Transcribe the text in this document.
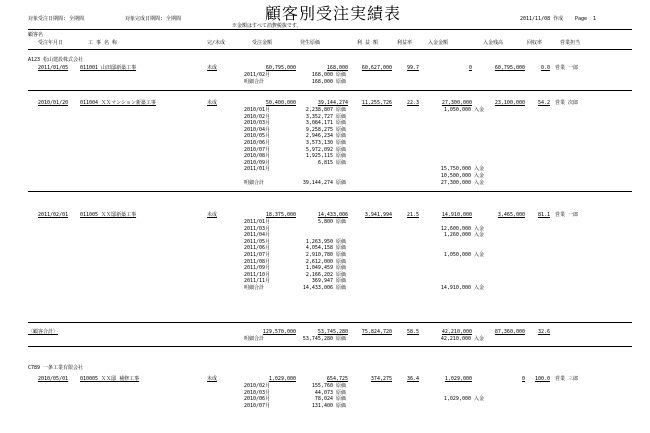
対象受注日期間: 全期間	対象完成日期間: 全期間	顧客別受注実績表
※金額はすべて消費税抜です。
2011/11/08 作成 Page  1
顧客名
受注年月日	工 事 名 称	完/未成	受注金額	発生原価	利 益 額	利益率	入金金額	入金残高	回収率	営業担当
A123 松山建設株式会社
2011/01/05 011001 山田邸新築工事	未成	60,795,000	168,000	60,627,000	99.7	0	60,795,000	0.0 営業 一郎
2011/02月	168,000 原価
明細合計	168,000 原価
2010/01/20 011004 ＸＸマンション新築工事	未成	50,400,000	39,144,274	11,255,726	22.3	27,300,000	23,100,000	54.2 営業 次郎
2010/01月	2,238,807 原価	1,050,000 入金
2010/02月	3,352,727 原価
2010/03月	3,084,171 原価
2010/04月	9,258,275 原価
2010/05月	2,946,234 原価
2010/06月	3,573,130 原価
2010/07月	5,972,092 原価
2010/08月	1,925,115 原価
2010/09月	6,815 原価
2011/01月	15,750,000 入金
10,500,000 入金
明細合計	39,144,274 原価	27,300,000 入金
2011/02/01 011005 ＸＸ邸新築工事	未成	18,375,000	14,433,006	3,941,994	21.5	14,910,000	3,465,000	81.1 営業 一郎
2011/01月	5,800 原価
2011/03月	12,600,000 入金
2011/04月	1,260,000 入金
2011/05月	1,263,950 原価
2011/06月	4,054,158 原価
2011/07月	2,910,780 原価	1,050,000 入金
2011/08月	2,612,000 原価
2011/09月	1,049,459 原価
2011/10月	2,166,202 原価
2011/11月	369,947 原価
明細合計	14,433,006 原価	14,910,000 入金
2010/05/01 010005 ＸＸ邸 補修工事	未成	1,029,000	654,725	374,275	36.4	1,029,000	0	100.0 営業 三郎
2010/02月	155,760 原価
2010/03月	44,073 原価
2010/06月	78,024 原価	1,029,000 入金
2010/07月	131,400 原価
〈顧客合計〉	129,570,000	53,745,280	75,824,720	58.5	42,210,000	87,360,000	32.6
明細合計	53,745,280 原価	42,210,000 入金
C789 一条工業有限会社
